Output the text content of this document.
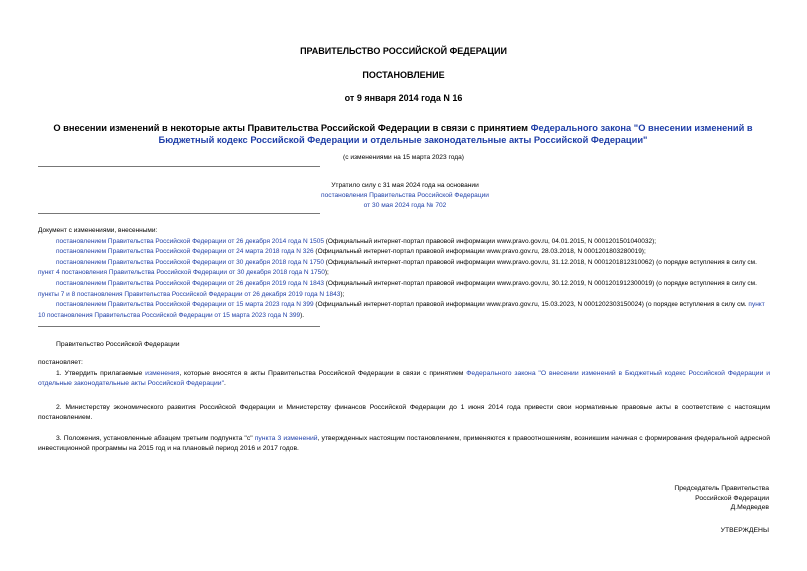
ПРАВИТЕЛЬСТВО РОССИЙСКОЙ ФЕДЕРАЦИИ
ПОСТАНОВЛЕНИЕ
от 9 января 2014 года N 16
О внесении изменений в некоторые акты Правительства Российской Федерации в связи с принятием Федерального закона "О внесении изменений в Бюджетный кодекс Российской Федерации и отдельные законодательные акты Российской Федерации"
(с изменениями на 15 марта 2023 года)
Утратило силу с 31 мая 2024 года на основании
постановления Правительства Российской Федерации
от 30 мая 2024 года № 702
Документ с изменениями, внесенными:
постановлением Правительства Российской Федерации от 26 декабря 2014 года N 1505 (Официальный интернет-портал правовой информации www.pravo.gov.ru, 04.01.2015, N 0001201501040032);
постановлением Правительства Российской Федерации от 24 марта 2018 года N 326 (Официальный интернет-портал правовой информации www.pravo.gov.ru, 28.03.2018, N 0001201803280019);
постановлением Правительства Российской Федерации от 30 декабря 2018 года N 1750 (Официальный интернет-портал правовой информации www.pravo.gov.ru, 31.12.2018, N 0001201812310062) (о порядке вступления в силу см. пункт 4 постановления Правительства Российской Федерации от 30 декабря 2018 года N 1750);
постановлением Правительства Российской Федерации от 26 декабря 2019 года N 1843 (Официальный интернет-портал правовой информации www.pravo.gov.ru, 30.12.2019, N 0001201912300019) (о порядке вступления в силу см. пункты 7 и 8 постановления Правительства Российской Федерации от 26 декабря 2019 года N 1843);
постановлением Правительства Российской Федерации от 15 марта 2023 года N 399 (Официальный интернет-портал правовой информации www.pravo.gov.ru, 15.03.2023, N 0001202303150024) (о порядке вступления в силу см. пункт 10 постановления Правительства Российской Федерации от 15 марта 2023 года N 399).
Правительство Российской Федерации
постановляет:
1. Утвердить прилагаемые изменения, которые вносятся в акты Правительства Российской Федерации в связи с принятием Федерального закона "О внесении изменений в Бюджетный кодекс Российской Федерации и отдельные законодательные акты Российской Федерации".
2. Министерству экономического развития Российской Федерации и Министерству финансов Российской Федерации до 1 июня 2014 года привести свои нормативные правовые акты в соответствие с настоящим постановлением.
3. Положения, установленные абзацем третьим подпункта "с" пункта 3 изменений, утвержденных настоящим постановлением, применяются к правоотношениям, возникшим начиная с формирования федеральной адресной инвестиционной программы на 2015 год и на плановый период 2016 и 2017 годов.
Председатель Правительства
Российской Федерации
Д.Медведев
УТВЕРЖДЕНЫ
